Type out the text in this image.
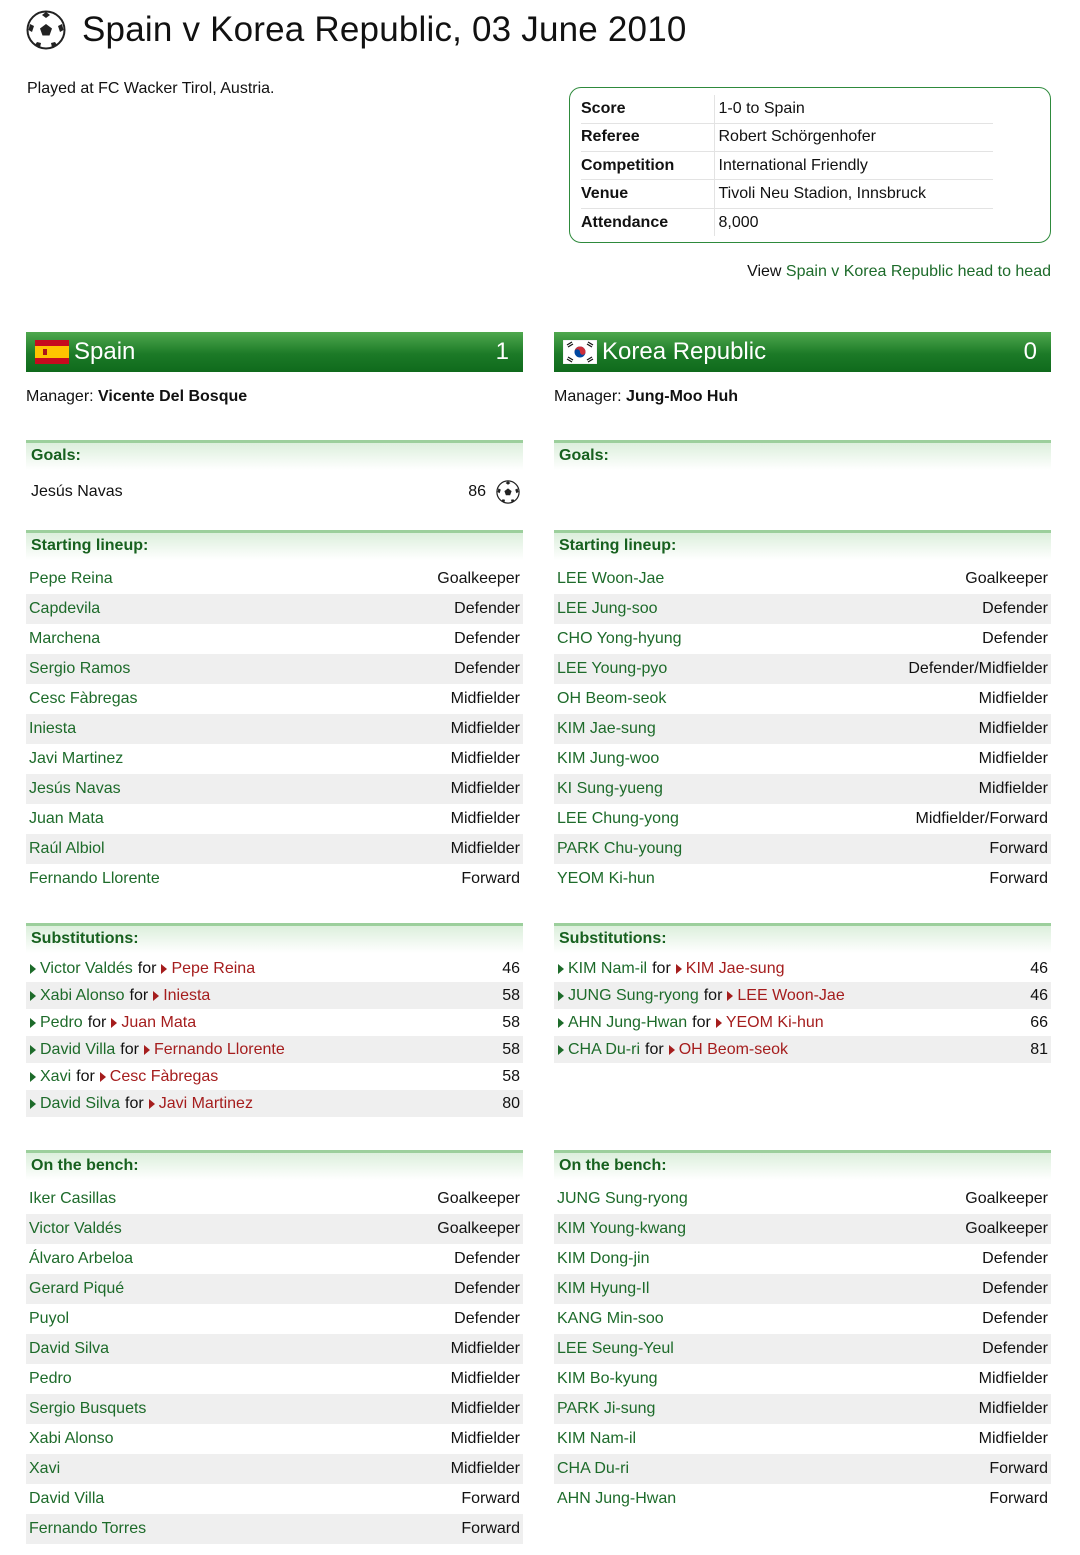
Spain v Korea Republic, 03 June 2010
Played at FC Wacker Tirol, Austria.
Score	1-0 to Spain
Referee	Robert Schörgenhofer
Competition	International Friendly
Venue	Tivoli Neu Stadion, Innsbruck
Attendance	8,000
View Spain v Korea Republic head to head
Spain	1
Manager: Vicente Del Bosque
Goals:
Jesús Navas	86
Starting lineup:
Pepe Reina	Goalkeeper
Capdevila	Defender
Marchena	Defender
Sergio Ramos	Defender
Cesc Fàbregas	Midfielder
Iniesta	Midfielder
Javi Martinez	Midfielder
Jesús Navas	Midfielder
Juan Mata	Midfielder
Raúl Albiol	Midfielder
Fernando Llorente	Forward
Substitutions:
Victor Valdés for Pepe Reina	46
Xabi Alonso for Iniesta	58
Pedro for Juan Mata	58
David Villa for Fernando Llorente	58
Xavi for Cesc Fàbregas	58
David Silva for Javi Martinez	80
On the bench:
Iker Casillas	Goalkeeper
Victor Valdés	Goalkeeper
Álvaro Arbeloa	Defender
Gerard Piqué	Defender
Puyol	Defender
David Silva	Midfielder
Pedro	Midfielder
Sergio Busquets	Midfielder
Xabi Alonso	Midfielder
Xavi	Midfielder
David Villa	Forward
Fernando Torres	Forward
Korea Republic	0
Manager: Jung-Moo Huh
Goals:
Starting lineup:
LEE Woon-Jae	Goalkeeper
LEE Jung-soo	Defender
CHO Yong-hyung	Defender
LEE Young-pyo	Defender/Midfielder
OH Beom-seok	Midfielder
KIM Jae-sung	Midfielder
KIM Jung-woo	Midfielder
KI Sung-yueng	Midfielder
LEE Chung-yong	Midfielder/Forward
PARK Chu-young	Forward
YEOM Ki-hun	Forward
Substitutions:
KIM Nam-il for KIM Jae-sung	46
JUNG Sung-ryong for LEE Woon-Jae	46
AHN Jung-Hwan for YEOM Ki-hun	66
CHA Du-ri for OH Beom-seok	81
On the bench:
JUNG Sung-ryong	Goalkeeper
KIM Young-kwang	Goalkeeper
KIM Dong-jin	Defender
KIM Hyung-Il	Defender
KANG Min-soo	Defender
LEE Seung-Yeul	Defender
KIM Bo-kyung	Midfielder
PARK Ji-sung	Midfielder
KIM Nam-il	Midfielder
CHA Du-ri	Forward
AHN Jung-Hwan	Forward
